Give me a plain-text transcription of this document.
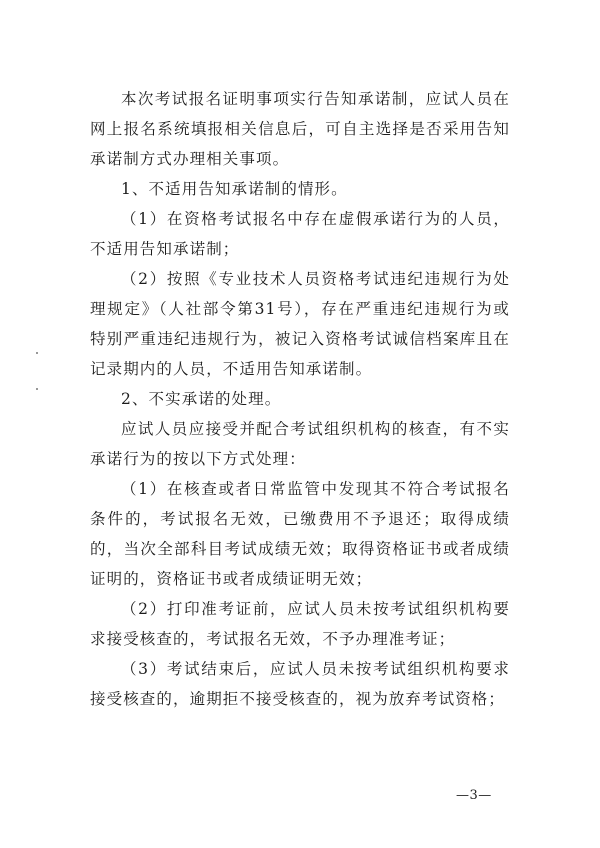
本次考试报名证明事项实行告知承诺制，应试人员在网上报名系统填报相关信息后，可自主选择是否采用告知承诺制方式办理相关事项。

1、不适用告知承诺制的情形。

（1）在资格考试报名中存在虚假承诺行为的人员，不适用告知承诺制；

（2）按照《专业技术人员资格考试违纪违规行为处理规定》（人社部令第31号），存在严重违纪违规行为或特别严重违纪违规行为，被记入资格考试诚信档案库且在记录期内的人员，不适用告知承诺制。

2、不实承诺的处理。

应试人员应接受并配合考试组织机构的核查，有不实承诺行为的按以下方式处理：

（1）在核查或者日常监管中发现其不符合考试报名条件的，考试报名无效，已缴费用不予退还；取得成绩的，当次全部科目考试成绩无效；取得资格证书或者成绩证明的，资格证书或者成绩证明无效；

（2）打印准考证前，应试人员未按考试组织机构要求接受核查的，考试报名无效，不予办理准考证；

（3）考试结束后，应试人员未按考试组织机构要求接受核查的，逾期拒不接受核查的，视为放弃考试资格；

—3—
